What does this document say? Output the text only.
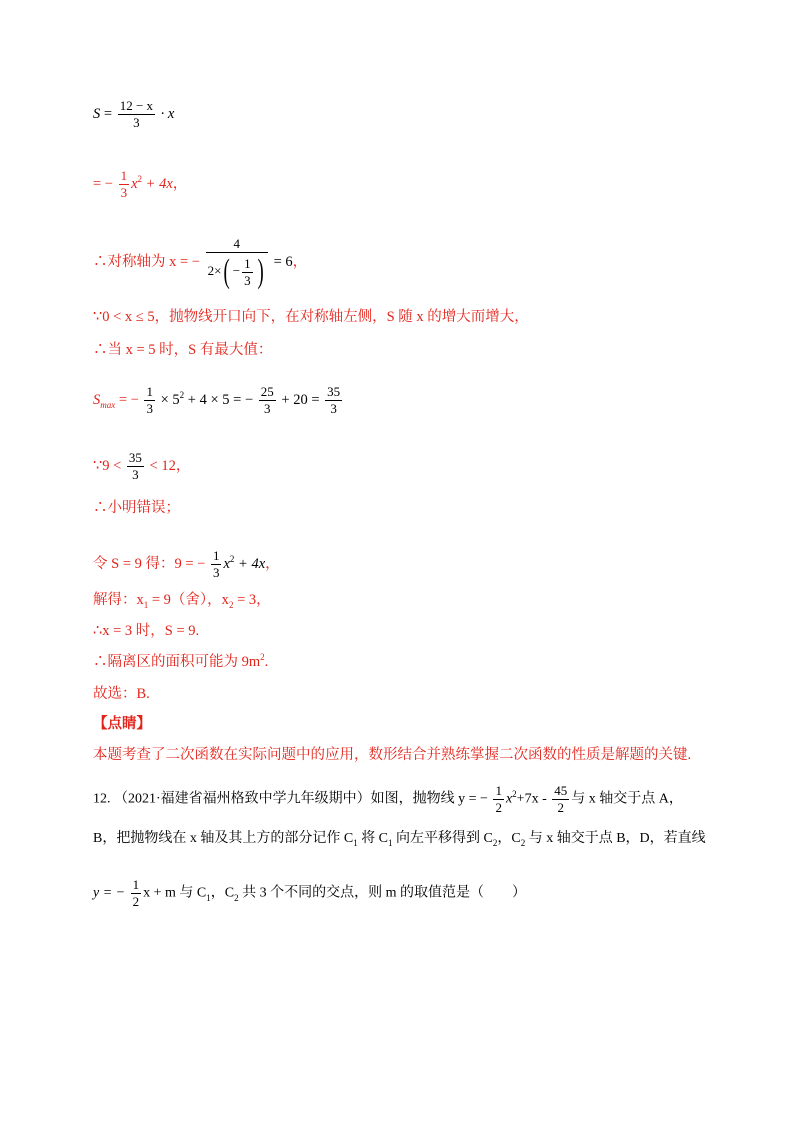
$S = \frac{12 - x}{3} \cdot x$
= − $\frac{1}{3} x^2 + 4x$，
∴对称轴为 x = − $\frac{4}{2\times( - \frac{1}{3} )} = 6$，
∵0 < x ≤ 5，抛物线开口向下，在对称轴左侧，S 随 x 的增大而增大，
∴当 x = 5 时，S 有最大值：
$S_{max}$ = − $\frac{1}{3} \times 5^2 + 4 \times 5$ = − $\frac{25}{3} + 20 = \frac{35}{3}$
∵9 < $\frac{35}{3} < 12$，
∴小明错误；
令 S = 9 得：9 = − $\frac{1}{3} x^2 + 4x$，
解得：$x_1 = 9$（舍），$x_2 = 3$，
∴x = 3 时，S = 9.
∴隔离区的面积可能为 $9m^2$.
故选：B.
【点睛】
本题考查了二次函数在实际问题中的应用，数形结合并熟练掌握二次函数的性质是解题的关键.
12. （2021·福建省福州格致中学九年级期中）如图，抛物线 y = − $\frac{1}{2} x^2+7x - \frac{45}{2}$ 与 x 轴交于点 A，
B，把抛物线在 x 轴及其上方的部分记作 $C_1$ 将 $C_1$ 向左平移得到 $C_2$，$C_2$ 与 x 轴交于点 B，D，若直线
y = − $\frac{1}{2}$ x + m 与 $C_1$，$C_2$ 共 3 个不同的交点，则 m 的取值范是（　　）
